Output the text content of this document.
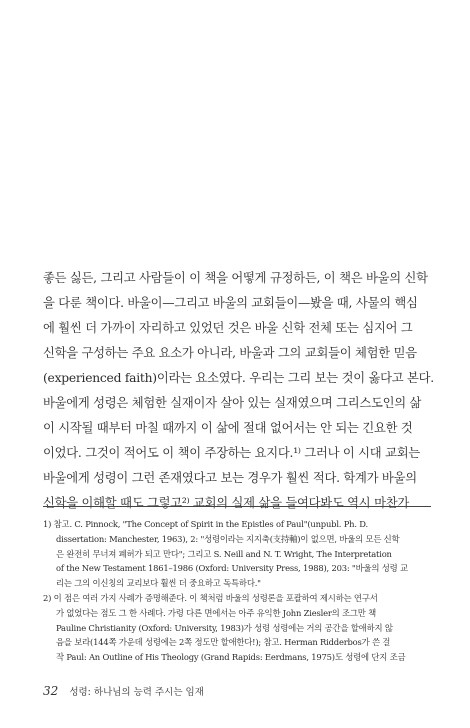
좋든 싫든, 그리고 사람들이 이 책을 어떻게 규정하든, 이 책은 바울의 신학
을 다룬 책이다. 바울이—그리고 바울의 교회들이—봤을 때, 사물의 핵심
에 훨씬 더 가까이 자리하고 있었던 것은 바울 신학 전체 또는 심지어 그
신학을 구성하는 주요 요소가 아니라, 바울과 그의 교회들이 체험한 믿음
(experienced faith)이라는 요소였다. 우리는 그리 보는 것이 옳다고 본다.
바울에게 성령은 체험한 실재이자 살아 있는 실재였으며 그리스도인의 삶
이 시작될 때부터 마칠 때까지 이 삶에 절대 없어서는 안 되는 긴요한 것
이었다. 그것이 적어도 이 책이 주장하는 요지다.¹⁾ 그러나 이 시대 교회는
바울에게 성령이 그런 존재였다고 보는 경우가 훨씬 적다. 학계가 바울의
신학을 이해할 때도 그렇고²⁾ 교회의 실제 삶을 들여다봐도 역시 마찬가
1) 참고. C. Pinnock, "The Concept of Spirit in the Epistles of Paul"(unpubl. Ph. D.
dissertation: Manchester, 1963), 2: "성령이라는 지지축(支持軸)이 없으면, 바울의 모든 신학
은 완전히 무너져 폐허가 되고 만다"; 그리고 S. Neill and N. T. Wright, The Interpretation
of the New Testament 1861–1986 (Oxford: University Press, 1988), 203: "바울의 성령 교
리는 그의 이신칭의 교리보다 훨씬 더 중요하고 독특하다."
2) 이 점은 여러 가지 사례가 증명해준다. 이 책처럼 바울의 성령론을 포괄하여 제시하는 연구서
가 없었다는 점도 그 한 사례다. 가령 다른 면에서는 아주 유익한 John Ziesler의 조그만 책
Pauline Christianity (Oxford: University, 1983)가 성령 성령에는 거의 공간을 할애하지 않
음을 보라(144쪽 가운데 성령에는 2쪽 정도만 할애한다!); 참고. Herman Ridderbos가 쓴 걸
작 Paul: An Outline of His Theology (Grand Rapids: Eerdmans, 1975)도 성령에 단지 조금
32 성령: 하나님의 능력 주시는 임재
